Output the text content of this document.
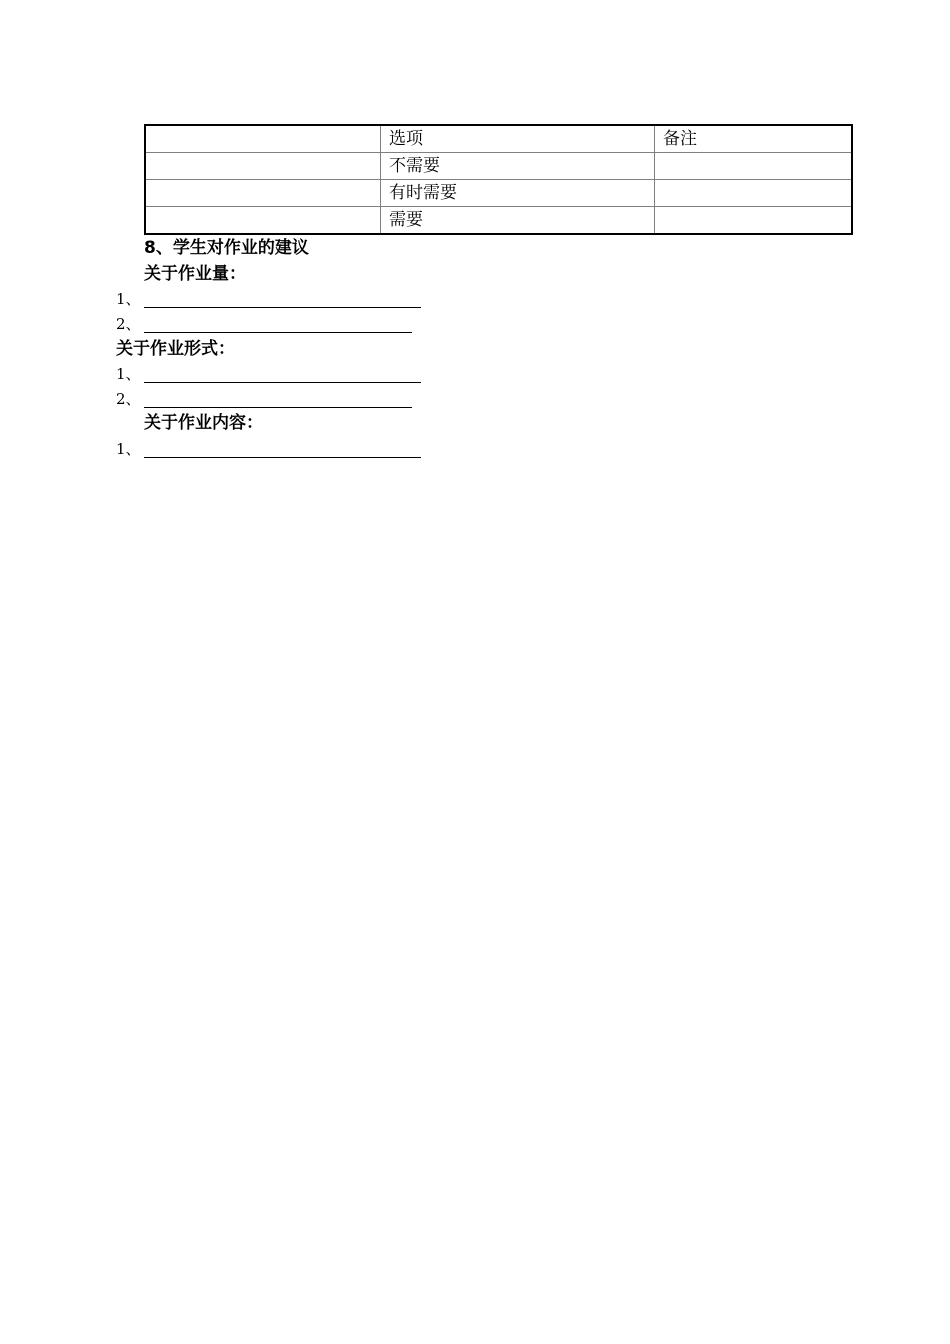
	选项	备注
	不需要	
	有时需要	
	需要	
8、学生对作业的建议
关于作业量：
1、
2、
关于作业形式：
1、
2、
关于作业内容：
1、
